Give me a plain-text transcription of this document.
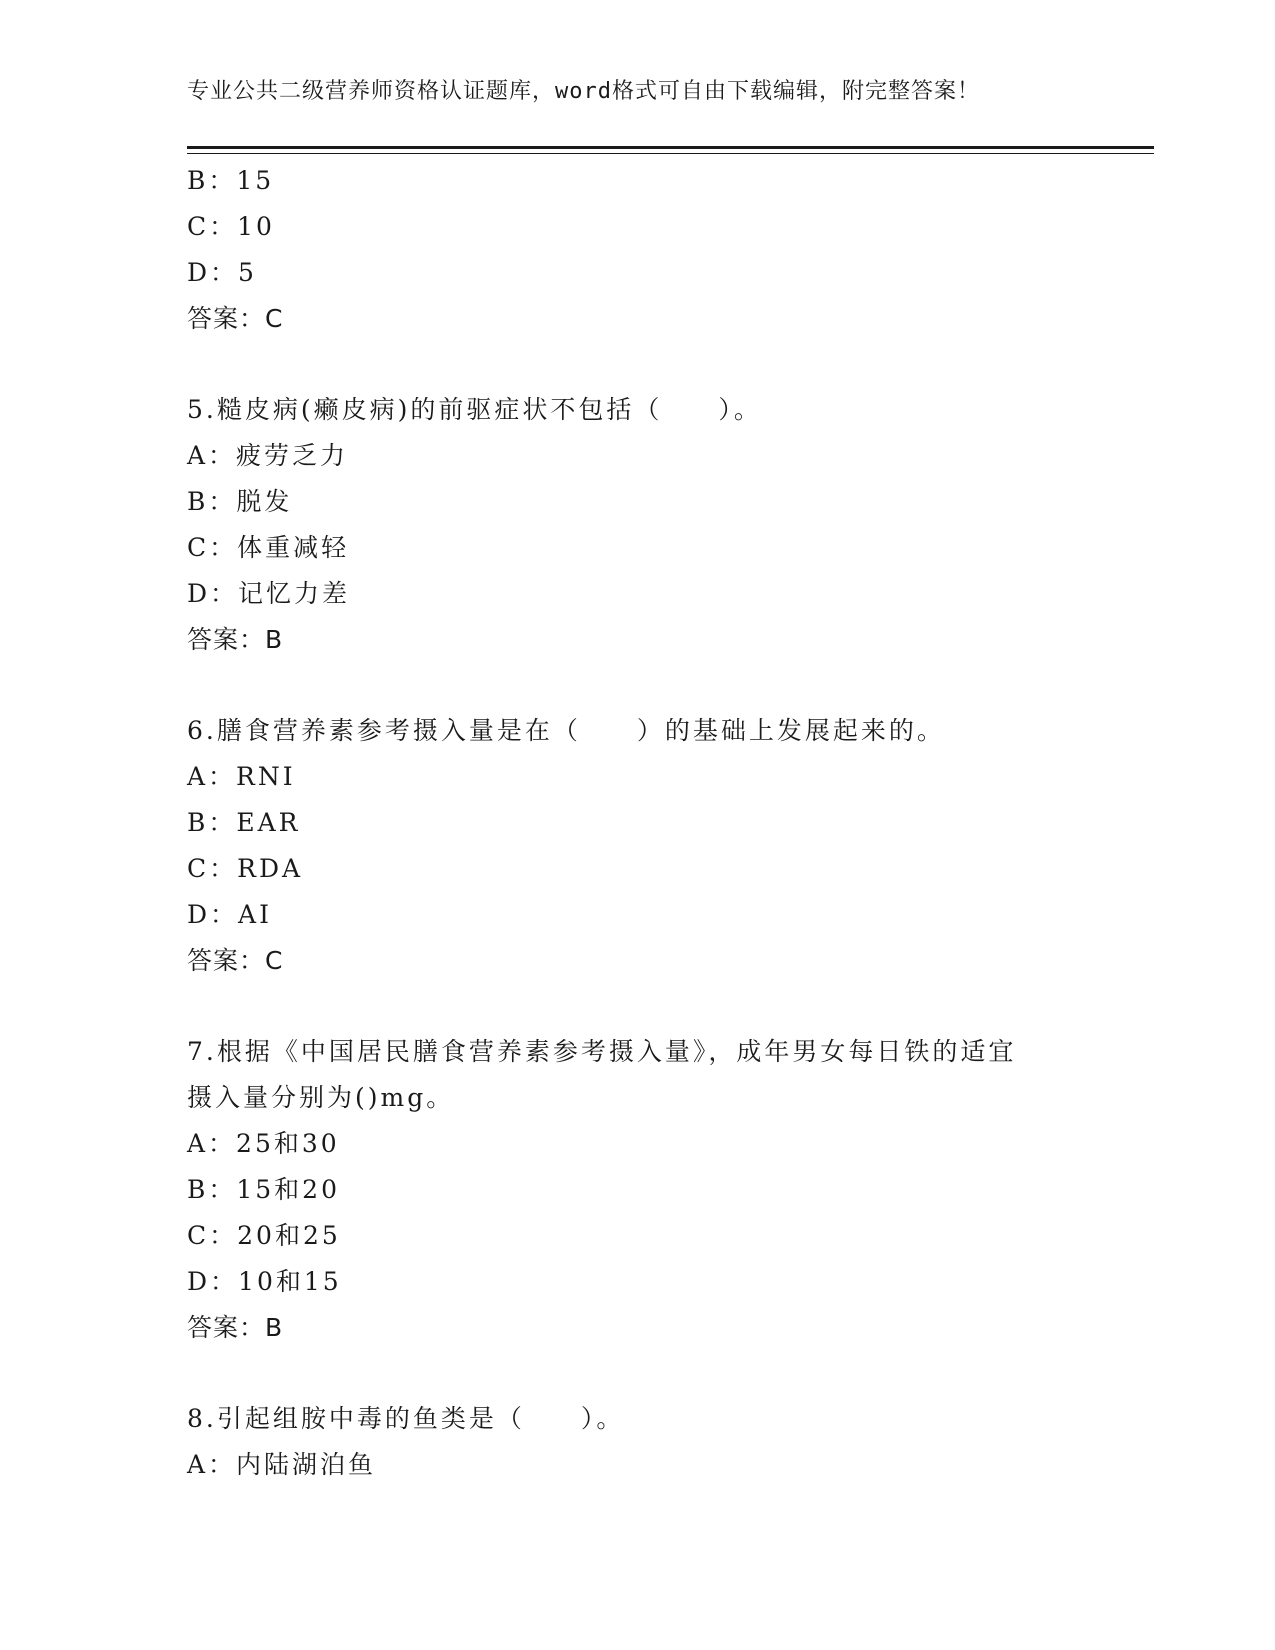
专业公共二级营养师资格认证题库，word格式可自由下载编辑，附完整答案！
B：15
C：10
D：5
答案：C
5.糙皮病(癞皮病)的前驱症状不包括（　　）。
A：疲劳乏力
B：脱发
C：体重减轻
D：记忆力差
答案：B
6.膳食营养素参考摄入量是在（　　）的基础上发展起来的。
A：RNI
B：EAR
C：RDA
D：AI
答案：C
7.根据《中国居民膳食营养素参考摄入量》，成年男女每日铁的适宜
摄入量分别为()mg。
A：25和30
B：15和20
C：20和25
D：10和15
答案：B
8.引起组胺中毒的鱼类是（　　）。
A：内陆湖泊鱼
